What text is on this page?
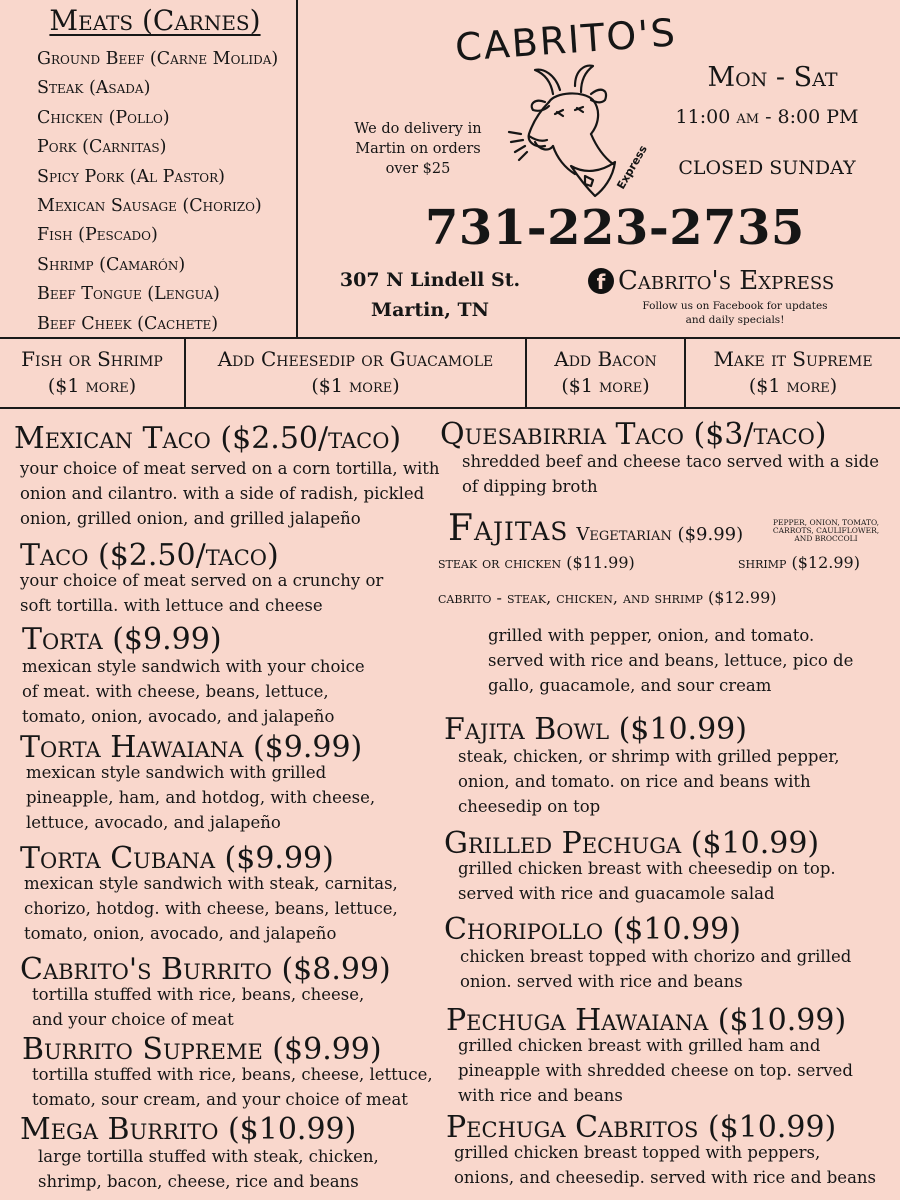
Meats (Carnes)
Ground Beef (Carne Molida)
Steak (Asada)
Chicken (Pollo)
Pork (Carnitas)
Spicy Pork (Al Pastor)
Mexican Sausage (Chorizo)
Fish (Pescado)
Shrimp (Camarón)
Beef Tongue (Lengua)
Beef Cheek (Cachete)
CABRITO'S
Express
We do delivery in Martin on orders over $25
Mon - Sat
11:00 am - 8:00 PM
CLOSED SUNDAY
731-223-2735
307 N Lindell St.
Martin, TN
f Cabrito's Express
Follow us on Facebook for updates and daily specials!
Fish or Shrimp
($1 more)
Add Cheesedip or Guacamole
($1 more)
Add Bacon
($1 more)
Make it Supreme
($1 more)
Mexican Taco ($2.50/taco)
your choice of meat served on a corn tortilla, with
onion and cilantro. with a side of radish, pickled
onion, grilled onion, and grilled jalapeño
Taco ($2.50/taco)
your choice of meat served on a crunchy or
soft tortilla. with lettuce and cheese
Torta ($9.99)
mexican style sandwich with your choice
of meat. with cheese, beans, lettuce,
tomato, onion, avocado, and jalapeño
Torta Hawaiana ($9.99)
mexican style sandwich with grilled
pineapple, ham, and hotdog, with cheese,
lettuce, avocado, and jalapeño
Torta Cubana ($9.99)
mexican style sandwich with steak, carnitas,
chorizo, hotdog. with cheese, beans, lettuce,
tomato, onion, avocado, and jalapeño
Cabrito's Burrito ($8.99)
tortilla stuffed with rice, beans, cheese,
and your choice of meat
Burrito Supreme ($9.99)
tortilla stuffed with rice, beans, cheese, lettuce,
tomato, sour cream, and your choice of meat
Mega Burrito ($10.99)
large tortilla stuffed with steak, chicken,
shrimp, bacon, cheese, rice and beans
Quesabirria Taco ($3/taco)
shredded beef and cheese taco served with a side
of dipping broth
Fajitas Vegetarian ($9.99)
PEPPER, ONION, TOMATO, CARROTS, CAULIFLOWER, AND BROCCOLI
steak or chicken ($11.99)	shrimp ($12.99)
cabrito - steak, chicken, and shrimp ($12.99)
grilled with pepper, onion, and tomato.
served with rice and beans, lettuce, pico de
gallo, guacamole, and sour cream
Fajita Bowl ($10.99)
steak, chicken, or shrimp with grilled pepper,
onion, and tomato. on rice and beans with
cheesedip on top
Grilled Pechuga ($10.99)
grilled chicken breast with cheesedip on top.
served with rice and guacamole salad
Choripollo ($10.99)
chicken breast topped with chorizo and grilled
onion. served with rice and beans
Pechuga Hawaiana ($10.99)
grilled chicken breast with grilled ham and
pineapple with shredded cheese on top. served
with rice and beans
Pechuga Cabritos ($10.99)
grilled chicken breast topped with peppers,
onions, and cheesedip. served with rice and beans
